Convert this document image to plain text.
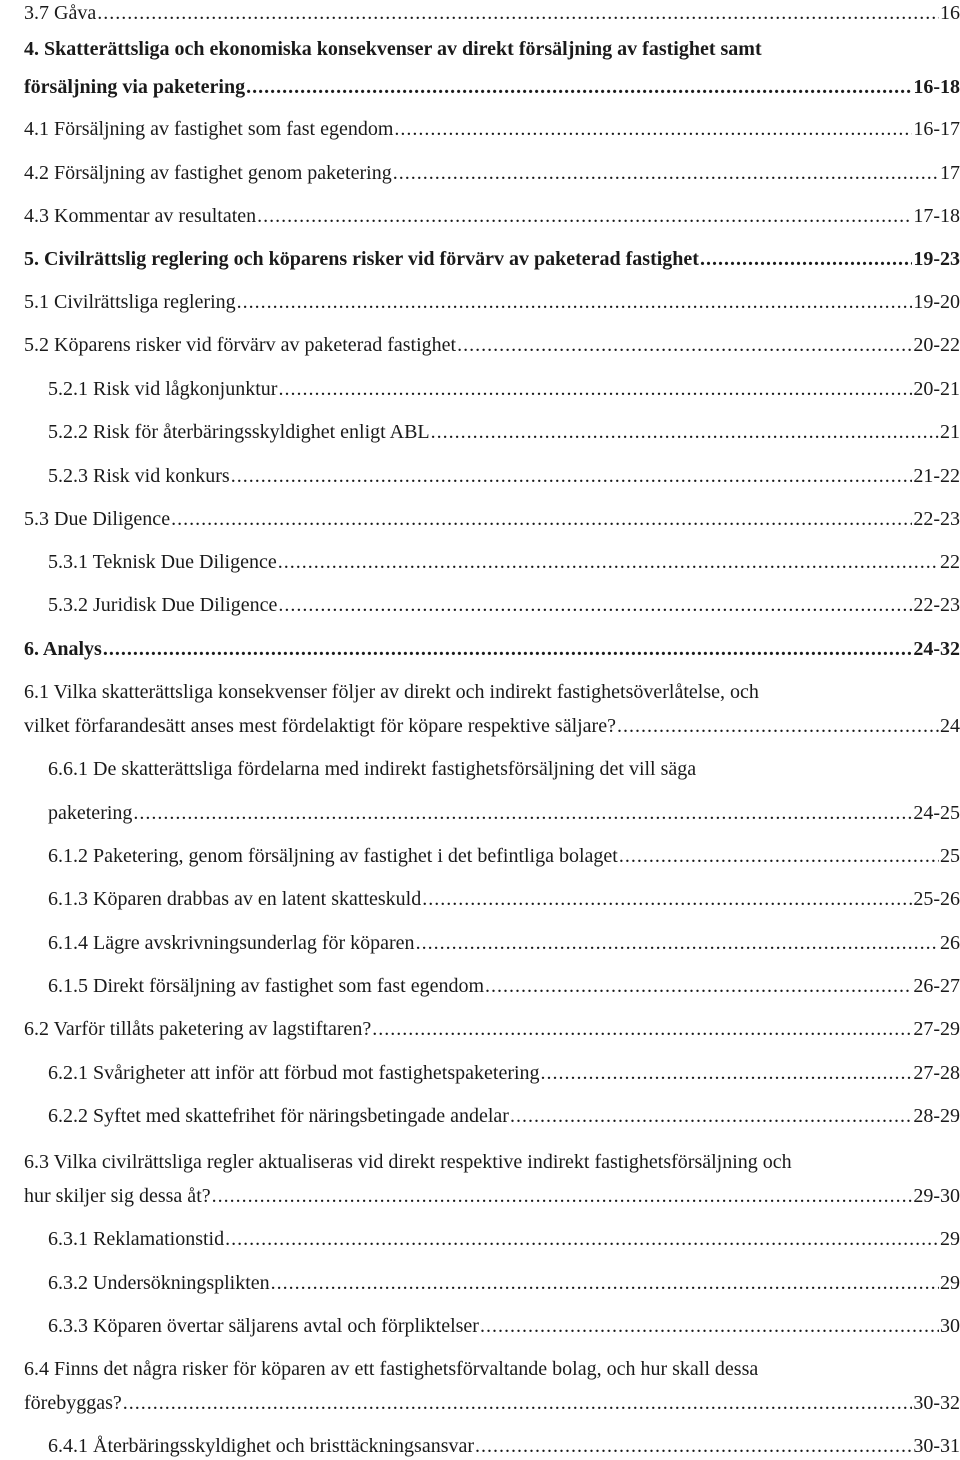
3.7 Gåva .....	16
4. Skatterättsliga och ekonomiska konsekvenser av direkt försäljning av fastighet samt
försäljning via paketering .....	16-18
4.1 Försäljning av fastighet som fast egendom .....	16-17
4.2 Försäljning av fastighet genom paketering .....	17
4.3 Kommentar av resultaten .....	17-18
5. Civilrättslig reglering och köparens risker vid förvärv av paketerad fastighet .....	19-23
5.1 Civilrättsliga reglering .....	19-20
5.2 Köparens risker vid förvärv av paketerad fastighet .....	20-22
5.2.1 Risk vid lågkonjunktur .....	20-21
5.2.2 Risk för återbäringsskyldighet enligt ABL .....	21
5.2.3 Risk vid konkurs .....	21-22
5.3 Due Diligence .....	22-23
5.3.1 Teknisk Due Diligence .....	22
5.3.2 Juridisk Due Diligence .....	22-23
6. Analys .....	24-32
6.1 Vilka skatterättsliga konsekvenser följer av direkt och indirekt fastighetsöverlåtelse, och
vilket förfarandesätt anses mest fördelaktigt för köpare respektive säljare? .....	24
6.6.1 De skatterättsliga fördelarna med indirekt fastighetsförsäljning det vill säga
paketering .....	24-25
6.1.2 Paketering, genom försäljning av fastighet i det befintliga bolaget .....	25
6.1.3 Köparen drabbas av en latent skatteskuld .....	25-26
6.1.4 Lägre avskrivningsunderlag för köparen .....	26
6.1.5 Direkt försäljning av fastighet som fast egendom .....	26-27
6.2 Varför tillåts paketering av lagstiftaren? .....	27-29
6.2.1 Svårigheter att inför att förbud mot fastighetspaketering .....	27-28
6.2.2 Syftet med skattefrihet för näringsbetingade andelar .....	28-29
6.3 Vilka civilrättsliga regler aktualiseras vid direkt respektive indirekt fastighetsförsäljning och
hur skiljer sig dessa åt? .....	29-30
6.3.1 Reklamationstid .....	29
6.3.2 Undersökningsplikten .....	29
6.3.3 Köparen övertar säljarens avtal och förpliktelser .....	30
6.4 Finns det några risker för köparen av ett fastighetsförvaltande bolag, och hur skall dessa
förebyggas? .....	30-32
6.4.1 Återbäringsskyldighet och bristtäckningsansvar .....	30-31
